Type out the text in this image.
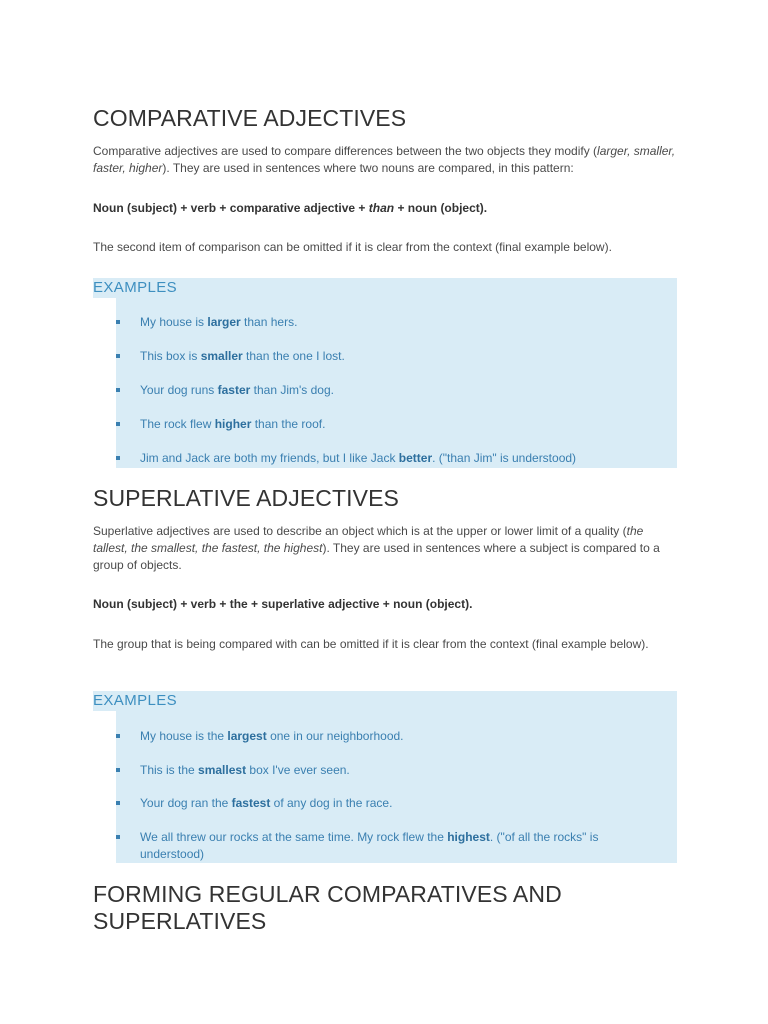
COMPARATIVE ADJECTIVES

Comparative adjectives are used to compare differences between the two objects they modify (larger, smaller, faster, higher). They are used in sentences where two nouns are compared, in this pattern:

Noun (subject) + verb + comparative adjective + than + noun (object).

The second item of comparison can be omitted if it is clear from the context (final example below).

EXAMPLES
My house is larger than hers.
This box is smaller than the one I lost.
Your dog runs faster than Jim's dog.
The rock flew higher than the roof.
Jim and Jack are both my friends, but I like Jack better. ("than Jim" is understood)
SUPERLATIVE ADJECTIVES

Superlative adjectives are used to describe an object which is at the upper or lower limit of a quality (the tallest, the smallest, the fastest, the highest). They are used in sentences where a subject is compared to a group of objects.

Noun (subject) + verb + the + superlative adjective + noun (object).

The group that is being compared with can be omitted if it is clear from the context (final example below).

EXAMPLES
My house is the largest one in our neighborhood.
This is the smallest box I've ever seen.
Your dog ran the fastest of any dog in the race.
We all threw our rocks at the same time. My rock flew the highest. ("of all the rocks" is understood)
FORMING REGULAR COMPARATIVES AND SUPERLATIVES
